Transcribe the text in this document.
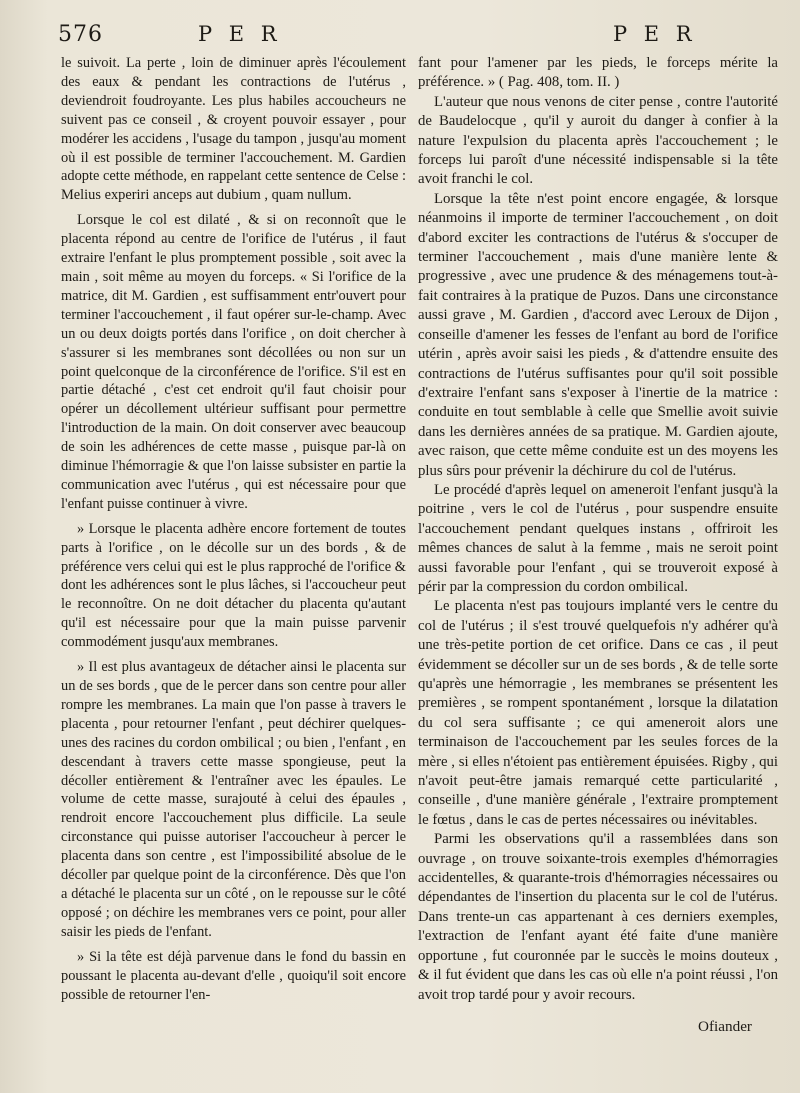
576	P E R	P E R

le suivoit. La perte , loin de diminuer après l'écoulement des eaux & pendant les contractions de l'utérus , deviendroit foudroyante. Les plus habiles accoucheurs ne suivent pas ce conseil , & croyent pouvoir essayer , pour modérer les accidens , l'usage du tampon , jusqu'au moment où il est possible de terminer l'accouchement. M. Gardien adopte cette méthode, en rappelant cette sentence de Celse : Melius experiri anceps aut dubium , quam nullum.

Lorsque le col est dilaté , & si on reconnoît que le placenta répond au centre de l'orifice de l'utérus , il faut extraire l'enfant le plus promptement possible , soit avec la main , soit même au moyen du forceps. « Si l'orifice de la matrice, dit M. Gardien , est suffisamment entr'ouvert pour terminer l'accouchement , il faut opérer sur-le-champ. Avec un ou deux doigts portés dans l'orifice , on doit chercher à s'assurer si les membranes sont décollées ou non sur un point quelconque de la circonférence de l'orifice. S'il est en partie détaché , c'est cet endroit qu'il faut choisir pour opérer un décollement ultérieur suffisant pour permettre l'introduction de la main. On doit conserver avec beaucoup de soin les adhérences de cette masse , puisque par-là on diminue l'hémorragie & que l'on laisse subsister en partie la communication avec l'utérus , qui est nécessaire pour que l'enfant puisse continuer à vivre.

» Lorsque le placenta adhère encore fortement de toutes parts à l'orifice , on le décolle sur un des bords , & de préférence vers celui qui est le plus rapproché de l'orifice & dont les adhérences sont le plus lâches, si l'accoucheur peut le reconnoître. On ne doit détacher du placenta qu'autant qu'il est nécessaire pour que la main puisse parvenir commodément jusqu'aux membranes.

» Il est plus avantageux de détacher ainsi le placenta sur un de ses bords , que de le percer dans son centre pour aller rompre les membranes. La main que l'on passe à travers le placenta , pour retourner l'enfant , peut déchirer quelques-unes des racines du cordon ombilical ; ou bien , l'enfant , en descendant à travers cette masse spongieuse, peut la décoller entièrement & l'entraîner avec les épaules. Le volume de cette masse, surajouté à celui des épaules , rendroit encore l'accouchement plus difficile. La seule circonstance qui puisse autoriser l'accoucheur à percer le placenta dans son centre , est l'impossibilité absolue de le décoller par quelque point de la circonférence. Dès que l'on a détaché le placenta sur un côté , on le repousse sur le côté opposé ; on déchire les membranes vers ce point, pour aller saisir les pieds de l'enfant.

» Si la tête est déjà parvenue dans le fond du bassin en poussant le placenta au-devant d'elle , quoiqu'il soit encore possible de retourner l'en-

fant pour l'amener par les pieds, le forceps mérite la préférence. » ( Pag. 408, tom. II. )

L'auteur que nous venons de citer pense , contre l'autorité de Baudelocque , qu'il y auroit du danger à confier à la nature l'expulsion du placenta après l'accouchement ; le forceps lui paroît d'une nécessité indispensable si la tête avoit franchi le col.

Lorsque la tête n'est point encore engagée, & lorsque néanmoins il importe de terminer l'accouchement , on doit d'abord exciter les contractions de l'utérus & s'occuper de terminer l'accouchement , mais d'une manière lente & progressive , avec une prudence & des ménagemens tout-à-fait contraires à la pratique de Puzos. Dans une circonstance aussi grave , M. Gardien , d'accord avec Leroux de Dijon , conseille d'amener les fesses de l'enfant au bord de l'orifice utérin , après avoir saisi les pieds , & d'attendre ensuite des contractions de l'utérus suffisantes pour qu'il soit possible d'extraire l'enfant sans s'exposer à l'inertie de la matrice : conduite en tout semblable à celle que Smellie avoit suivie dans les dernières années de sa pratique. M. Gardien ajoute, avec raison, que cette même conduite est un des moyens les plus sûrs pour prévenir la déchirure du col de l'utérus.

Le procédé d'après lequel on ameneroit l'enfant jusqu'à la poitrine , vers le col de l'utérus , pour suspendre ensuite l'accouchement pendant quelques instans , offriroit les mêmes chances de salut à la femme , mais ne seroit point aussi favorable pour l'enfant , qui se trouveroit exposé à périr par la compression du cordon ombilical.

Le placenta n'est pas toujours implanté vers le centre du col de l'utérus ; il s'est trouvé quelquefois n'y adhérer qu'à une très-petite portion de cet orifice. Dans ce cas , il peut évidemment se décoller sur un de ses bords , & de telle sorte qu'après une hémorragie , les membranes se présentent les premières , se rompent spontanément , lorsque la dilatation du col sera suffisante ; ce qui ameneroit alors une terminaison de l'accouchement par les seules forces de la mère , si elles n'étoient pas entièrement épuisées. Rigby , qui n'avoit peut-être jamais remarqué cette particularité , conseille , d'une manière générale , l'extraire promptement le fœtus , dans le cas de pertes nécessaires ou inévitables.

Parmi les observations qu'il a rassemblées dans son ouvrage , on trouve soixante-trois exemples d'hémorragies accidentelles, & quarante-trois d'hémorragies nécessaires ou dépendantes de l'insertion du placenta sur le col de l'utérus. Dans trente-un cas appartenant à ces derniers exemples, l'extraction de l'enfant ayant été faite d'une manière opportune , fut couronnée par le succès le moins douteux , & il fut évident que dans les cas où elle n'a point réussi , l'on avoit trop tardé pour y avoir recours.

Ofiander
